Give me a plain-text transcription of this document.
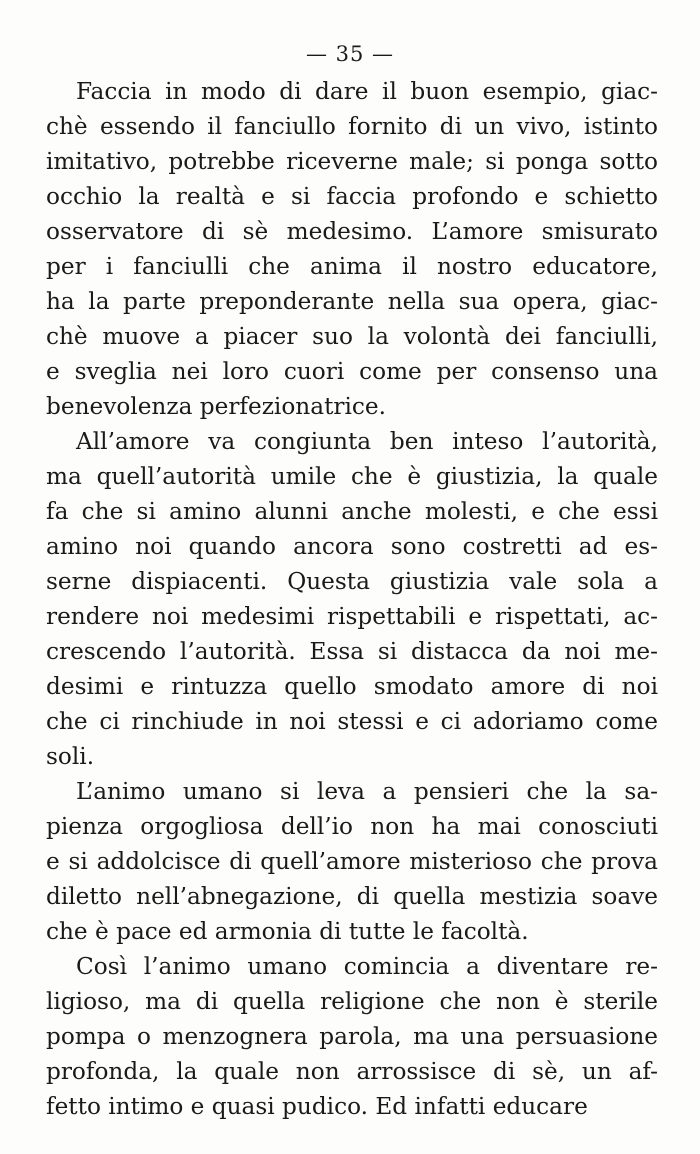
— 35 —
Faccia in modo di dare il buon esempio, giac-
chè essendo il fanciullo fornito di un vivo, istinto
imitativo, potrebbe riceverne male; si ponga sotto
occhio la realtà e si faccia profondo e schietto
osservatore di sè medesimo. L’amore smisurato
per i fanciulli che anima il nostro educatore,
ha la parte preponderante nella sua opera, giac-
chè muove a piacer suo la volontà dei fanciulli,
e sveglia nei loro cuori come per consenso una
benevolenza perfezionatrice.
All’amore va congiunta ben inteso l’autorità,
ma quell’autorità umile che è giustizia, la quale
fa che si amino alunni anche molesti, e che essi
amino noi quando ancora sono costretti ad es-
serne dispiacenti. Questa giustizia vale sola a
rendere noi medesimi rispettabili e rispettati, ac-
crescendo l’autorità. Essa si distacca da noi me-
desimi e rintuzza quello smodato amore di noi
che ci rinchiude in noi stessi e ci adoriamo come
soli.
L’animo umano si leva a pensieri che la sa-
pienza orgogliosa dell’io non ha mai conosciuti
e si addolcisce di quell’amore misterioso che prova
diletto nell’abnegazione, di quella mestizia soave
che è pace ed armonia di tutte le facoltà.
Così l’animo umano comincia a diventare re-
ligioso, ma di quella religione che non è sterile
pompa o menzognera parola, ma una persuasione
profonda, la quale non arrossisce di sè, un af-
fetto intimo e quasi pudico. Ed infatti educare
